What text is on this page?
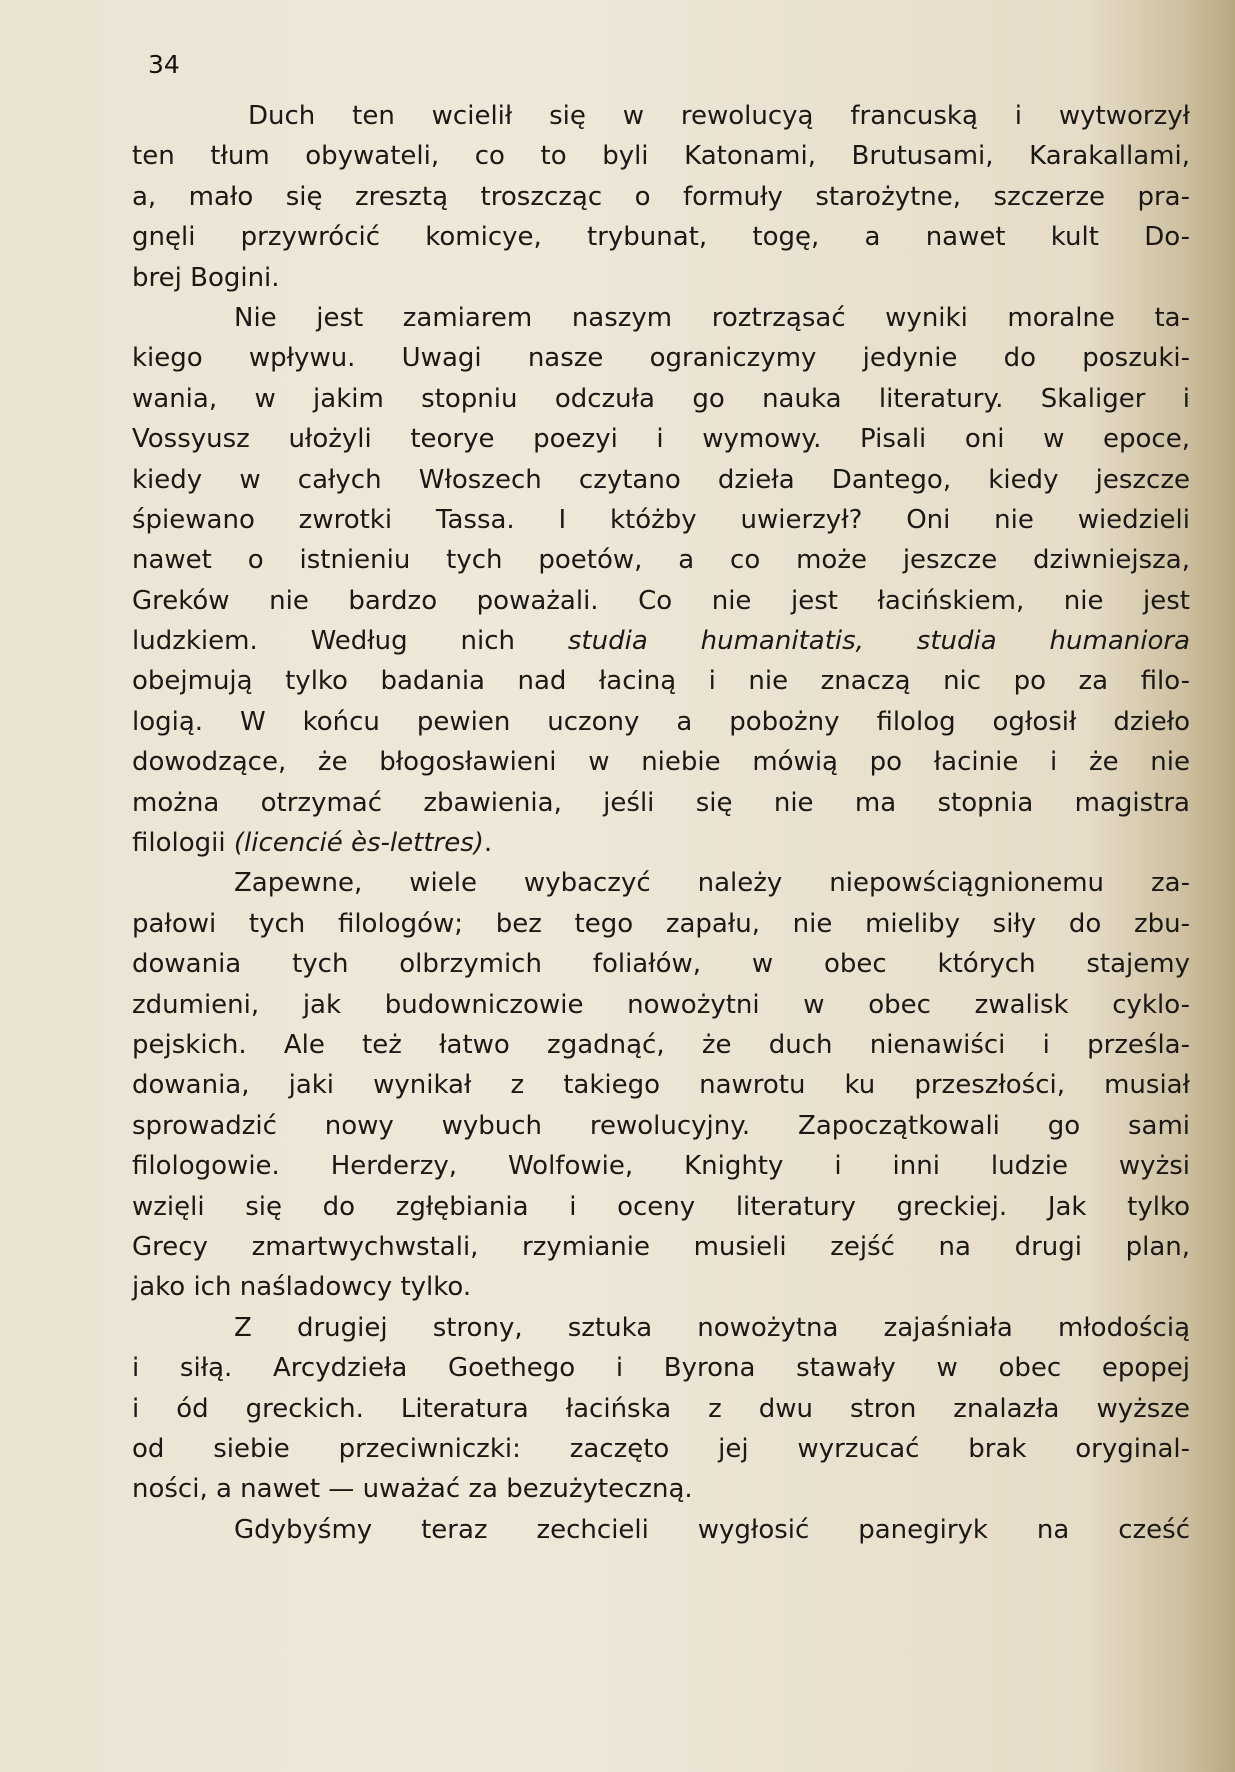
34
Duch ten wcielił się w rewolucyą francuską i wytworzył
ten tłum obywateli, co to byli Katonami, Brutusami, Karakallami,
a, mało się zresztą troszcząc o formuły starożytne, szczerze pra-
gnęli przywrócić komicye, trybunat, togę, a nawet kult Do-
brej Bogini.
Nie jest zamiarem naszym roztrząsać wyniki moralne ta-
kiego wpływu. Uwagi nasze ograniczymy jedynie do poszuki-
wania, w jakim stopniu odczuła go nauka literatury. Skaliger i
Vossyusz ułożyli teorye poezyi i wymowy. Pisali oni w epoce,
kiedy w całych Włoszech czytano dzieła Dantego, kiedy jeszcze
śpiewano zwrotki Tassa. I któżby uwierzył? Oni nie wiedzieli
nawet o istnieniu tych poetów, a co może jeszcze dziwniejsza,
Greków nie bardzo poważali. Co nie jest łacińskiem, nie jest
ludzkiem. Według nich studia humanitatis, studia humaniora
obejmują tylko badania nad łaciną i nie znaczą nic po za filo-
logią. W końcu pewien uczony a pobożny filolog ogłosił dzieło
dowodzące, że błogosławieni w niebie mówią po łacinie i że nie
można otrzymać zbawienia, jeśli się nie ma stopnia magistra
filologii (licencié ès-lettres).
Zapewne, wiele wybaczyć należy niepowściągnionemu za-
pałowi tych filologów; bez tego zapału, nie mieliby siły do zbu-
dowania tych olbrzymich foliałów, w obec których stajemy
zdumieni, jak budowniczowie nowożytni w obec zwalisk cyklo-
pejskich. Ale też łatwo zgadnąć, że duch nienawiści i prześla-
dowania, jaki wynikał z takiego nawrotu ku przeszłości, musiał
sprowadzić nowy wybuch rewolucyjny. Zapoczątkowali go sami
filologowie. Herderzy, Wolfowie, Knighty i inni ludzie wyżsi
wzięli się do zgłębiania i oceny literatury greckiej. Jak tylko
Grecy zmartwychwstali, rzymianie musieli zejść na drugi plan,
jako ich naśladowcy tylko.
Z drugiej strony, sztuka nowożytna zajaśniała młodością
i siłą. Arcydzieła Goethego i Byrona stawały w obec epopej
i ód greckich. Literatura łacińska z dwu stron znalazła wyższe
od siebie przeciwniczki: zaczęto jej wyrzucać brak oryginal-
ności, a nawet — uważać za bezużyteczną.
Gdybyśmy teraz zechcieli wygłosić panegiryk na cześć
